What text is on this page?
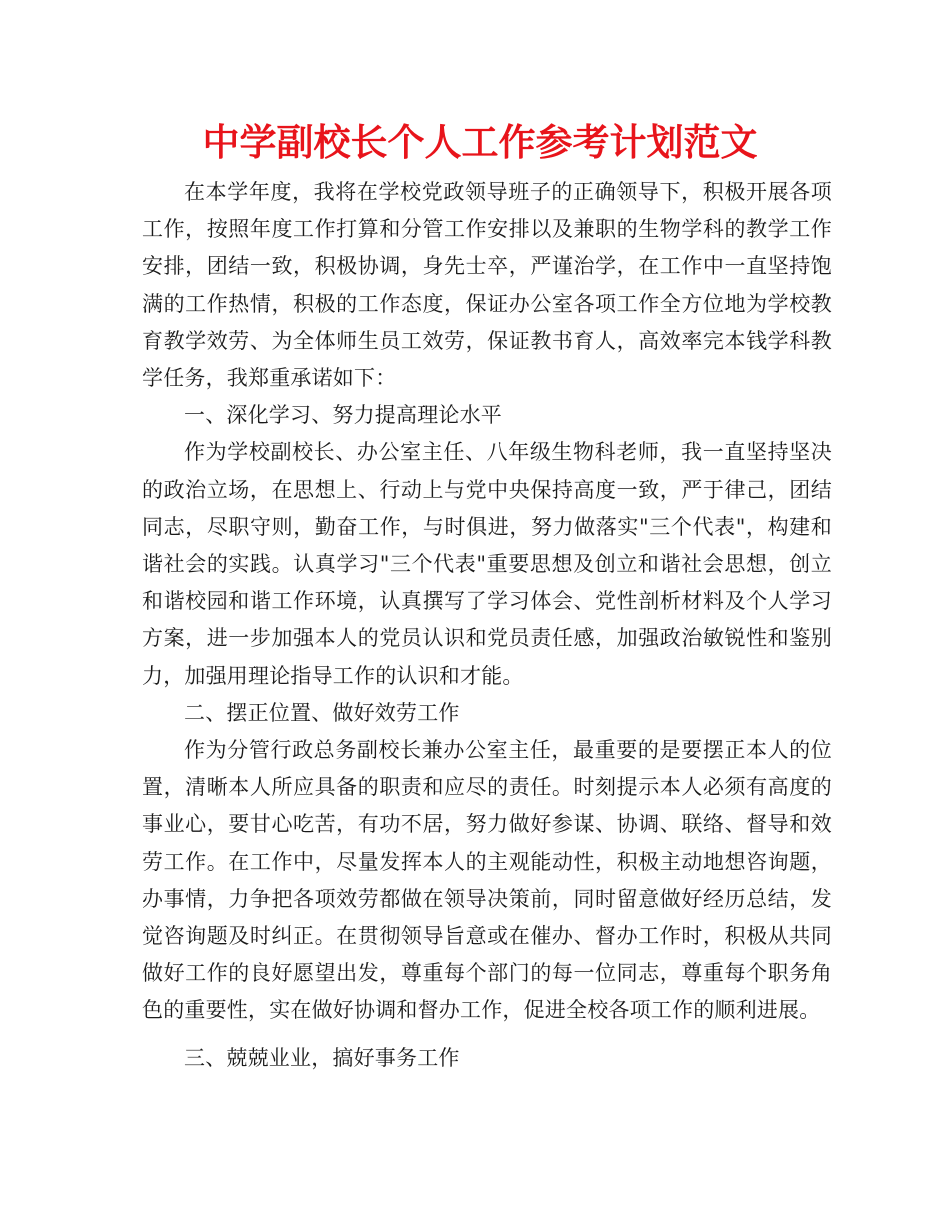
中学副校长个人工作参考计划范文

在本学年度，我将在学校党政领导班子的正确领导下，积极开展各项工作，按照年度工作打算和分管工作安排以及兼职的生物学科的教学工作安排，团结一致，积极协调，身先士卒，严谨治学，在工作中一直坚持饱满的工作热情，积极的工作态度，保证办公室各项工作全方位地为学校教育教学效劳、为全体师生员工效劳，保证教书育人，高效率完本钱学科教学任务，我郑重承诺如下：

一、深化学习、努力提高理论水平

作为学校副校长、办公室主任、八年级生物科老师，我一直坚持坚决的政治立场，在思想上、行动上与党中央保持高度一致，严于律己，团结同志，尽职守则，勤奋工作，与时俱进，努力做落实"三个代表"，构建和谐社会的实践。认真学习"三个代表"重要思想及创立和谐社会思想，创立和谐校园和谐工作环境，认真撰写了学习体会、党性剖析材料及个人学习方案，进一步加强本人的党员认识和党员责任感，加强政治敏锐性和鉴别力，加强用理论指导工作的认识和才能。

二、摆正位置、做好效劳工作

作为分管行政总务副校长兼办公室主任，最重要的是要摆正本人的位置，清晰本人所应具备的职责和应尽的责任。时刻提示本人必须有高度的事业心，要甘心吃苦，有功不居，努力做好参谋、协调、联络、督导和效劳工作。在工作中，尽量发挥本人的主观能动性，积极主动地想咨询题，办事情，力争把各项效劳都做在领导决策前，同时留意做好经历总结，发觉咨询题及时纠正。在贯彻领导旨意或在催办、督办工作时，积极从共同做好工作的良好愿望出发，尊重每个部门的每一位同志，尊重每个职务角色的重要性，实在做好协调和督办工作，促进全校各项工作的顺利进展。

三、兢兢业业，搞好事务工作
